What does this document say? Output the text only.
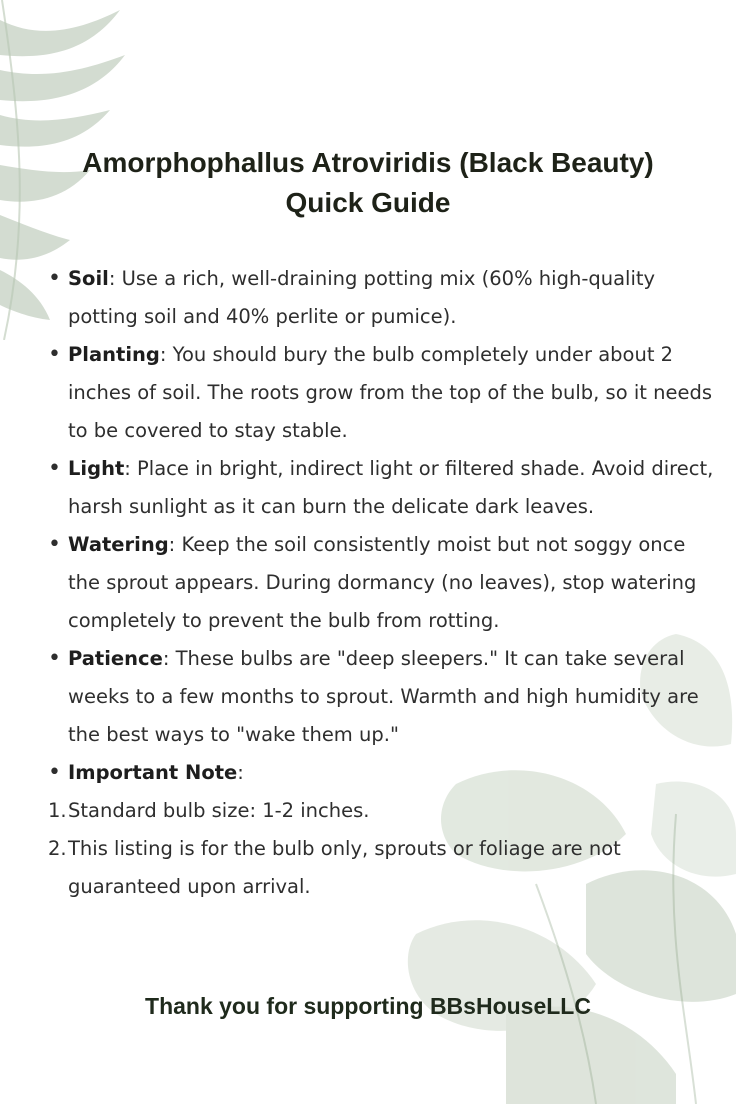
Amorphophallus Atroviridis (Black Beauty)
Quick Guide
• Soil: Use a rich, well-draining potting mix (60% high-quality potting soil and 40% perlite or pumice).
• Planting: You should bury the bulb completely under about 2 inches of soil. The roots grow from the top of the bulb, so it needs to be covered to stay stable.
• Light: Place in bright, indirect light or filtered shade. Avoid direct, harsh sunlight as it can burn the delicate dark leaves.
• Watering: Keep the soil consistently moist but not soggy once the sprout appears. During dormancy (no leaves), stop watering completely to prevent the bulb from rotting.
• Patience: These bulbs are "deep sleepers." It can take several weeks to a few months to sprout. Warmth and high humidity are the best ways to "wake them up."
• Important Note:
1. Standard bulb size: 1-2 inches.
2. This listing is for the bulb only, sprouts or foliage are not guaranteed upon arrival.

Thank you for supporting BBsHouseLLC
